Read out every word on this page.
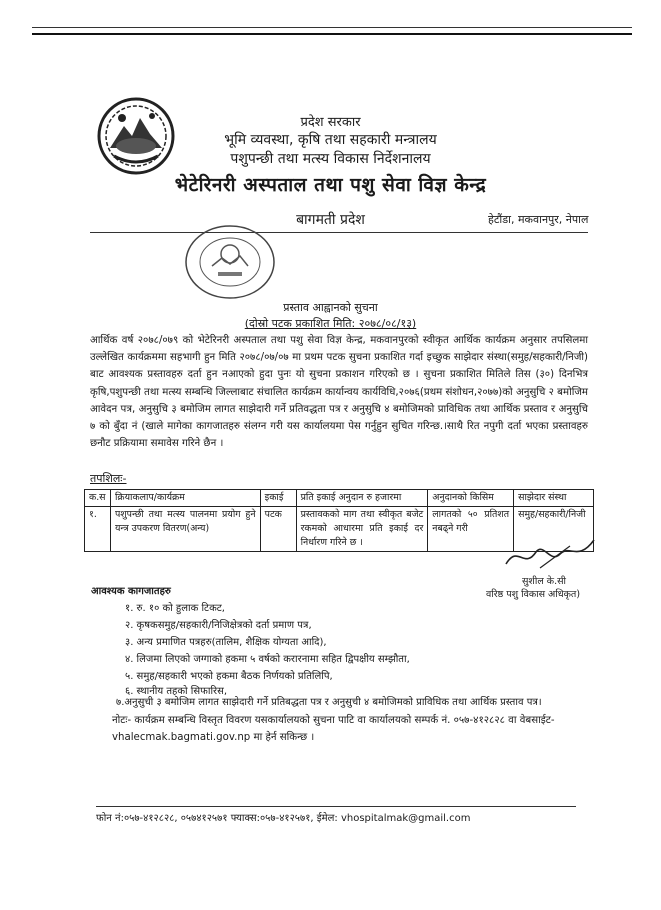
प्रदेश सरकार
भूमि व्यवस्था, कृषि तथा सहकारी मन्त्रालय
पशुपन्छी तथा मत्स्य विकास निर्देशनालय
भेटेरिनरी अस्पताल तथा पशु सेवा विज्ञ केन्द्र
बागमती प्रदेश	हेटौंडा, मकवानपुर, नेपाल
प्रस्ताव आह्वानको सुचना
(दोस्रो पटक प्रकाशित मिति: २०७८/०८/१३)
आर्थिक वर्ष २०७८/०७९ को भेटेरिनरी अस्पताल तथा पशु सेवा विज्ञ केन्द्र, मकवानपुरको स्वीकृत आर्थिक कार्यक्रम अनुसार तपसिलमा उल्लेखित कार्यक्रममा सहभागी हुन मिति २०७८/०७/०७ मा प्रथम पटक सुचना प्रकाशित गर्दा इच्छुक साझेदार संस्था(समुह/सहकारी/निजी) बाट आवश्यक प्रस्तावहरु दर्ता हुन नआएको हुदा पुनः यो सुचना प्रकाशन गरिएको छ । सुचना प्रकाशित मितिले तिस (३०) दिनभित्र कृषि,पशुपन्छी तथा मत्स्य सम्बन्धि जिल्लाबाट संचालित कार्यक्रम कार्यान्वय कार्यविधि,२०७६(प्रथम संशोधन,२०७७)को अनुसुचि २ बमोजिम आवेदन पत्र, अनुसुचि ३ बमोजिम लागत साझेदारी गर्ने प्रतिवद्धता पत्र र अनुसुचि ४ बमोजिमको प्राविधिक तथा आर्थिक प्रस्ताव र अनुसुचि ७ को बुँदा नं (खाले मागेका कागजातहरु संलग्न गरी यस कार्यालयमा पेस गर्नुहुन सुचित गरिन्छ.।साथै रित नपुगी दर्ता भएका प्रस्तावहरु छनौट प्रक्रियामा समावेस गरिने छैन ।
तपशिलः-
क.स	क्रियाकलाप/कार्यक्रम	इकाई	प्रति इकाई अनुदान रु हजारमा	अनुदानको किसिम	साझेदार संस्था
१.	पशुपन्छी तथा मत्स्य पालनमा प्रयोग हुने यन्त्र उपकरण वितरण(अन्य)	पटक	प्रस्तावकको माग तथा स्वीकृत बजेट रकमको आधारमा प्रति इकाई दर निर्धारण गरिने छ ।	लागतको ५० प्रतिशत नबढ्ने गरी	समुह/सहकारी/निजी
सुशील के.सी
वरिष्ठ पशु विकास अधिकृत)
आवश्यक कागजातहरु
१. रु. १० को हुलाक टिकट,
२. कृषकसमुह/सहकारी/निजिक्षेत्रको दर्ता प्रमाण पत्र,
३. अन्य प्रमाणित पत्रहरु(तालिम, शैक्षिक योग्यता आदि),
४. लिजमा लिएको जग्गाको हकमा ५ वर्षको करारनामा सहित द्विपक्षीय सम्झौता,
५. समुह/सहकारी भएको हकमा बैठक निर्णयको प्रतिलिपि,
६. स्थानीय तहको सिफारिस,
७.अनुसुची ३ बमोजिम लागत साझेदारी गर्ने प्रतिबद्धता पत्र र अनुसुची ४ बमोजिमको प्राविधिक तथा आर्थिक प्रस्ताव पत्र।
नोटः- कार्यक्रम सम्बन्धि विस्तृत विवरण यसकार्यालयको सुचना पाटि वा कार्यालयको सम्पर्क नं. ०५७-४१२८२८ वा वेबसाईट- vhalecmak.bagmati.gov.np मा हेर्न सकिन्छ ।
फोन नं:०५७-४१२८२८, ०५७४१२५७१ फ्याक्स:०५७-४१२५७१, ईमेल: vhospitalmak@gmail.com
